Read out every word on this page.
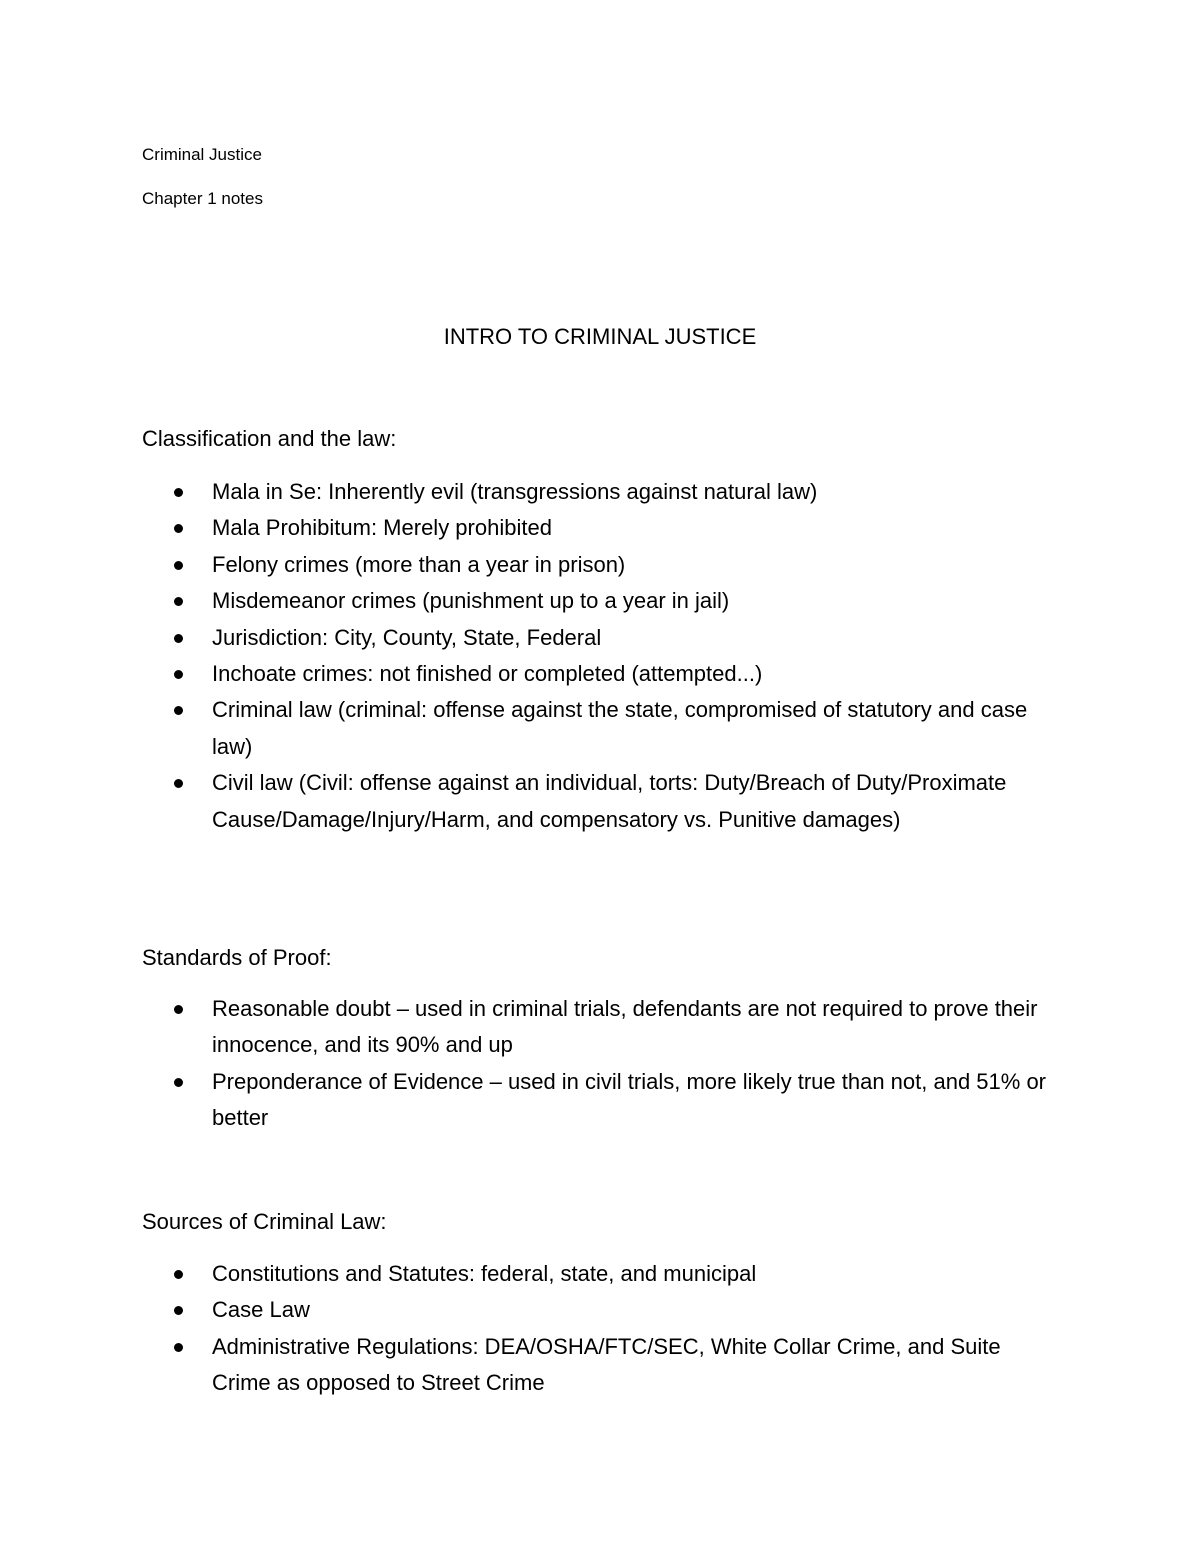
Criminal Justice
Chapter 1 notes
INTRO TO CRIMINAL JUSTICE
Classification and the law:
Mala in Se: Inherently evil (transgressions against natural law)
Mala Prohibitum: Merely prohibited
Felony crimes (more than a year in prison)
Misdemeanor crimes (punishment up to a year in jail)
Jurisdiction: City, County, State, Federal
Inchoate crimes: not finished or completed (attempted...)
Criminal law (criminal: offense against the state, compromised of statutory and case law)
Civil law (Civil: offense against an individual, torts: Duty/Breach of Duty/Proximate Cause/Damage/Injury/Harm, and compensatory vs. Punitive damages)
Standards of Proof:
Reasonable doubt – used in criminal trials, defendants are not required to prove their innocence, and its 90% and up
Preponderance of Evidence – used in civil trials, more likely true than not, and 51% or better
Sources of Criminal Law:
Constitutions and Statutes: federal, state, and municipal
Case Law
Administrative Regulations: DEA/OSHA/FTC/SEC, White Collar Crime, and Suite Crime as opposed to Street Crime
